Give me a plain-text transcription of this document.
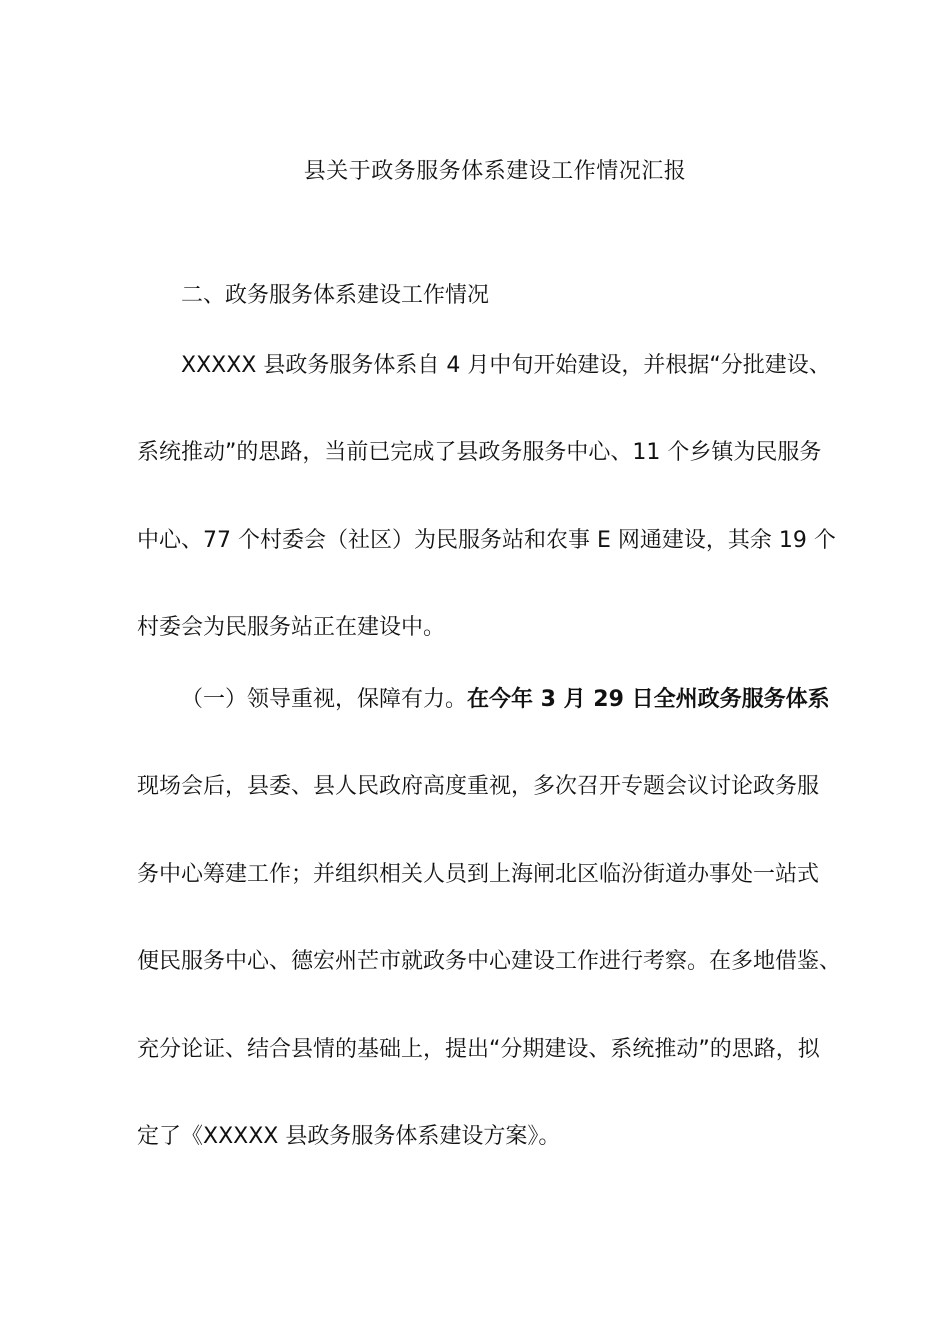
县关于政务服务体系建设工作情况汇报
二、政务服务体系建设工作情况
XXXXX 县政务服务体系自 4 月中旬开始建设，并根据“分批建设、
系统推动”的思路，当前已完成了县政务服务中心、11 个乡镇为民服务
中心、77 个村委会（社区）为民服务站和农事 E 网通建设，其余 19 个
村委会为民服务站正在建设中。
（一）领导重视，保障有力。在今年 3 月 29 日全州政务服务体系
现场会后，县委、县人民政府高度重视，多次召开专题会议讨论政务服
务中心筹建工作；并组织相关人员到上海闸北区临汾街道办事处一站式
便民服务中心、德宏州芒市就政务中心建设工作进行考察。在多地借鉴、
充分论证、结合县情的基础上，提出“分期建设、系统推动”的思路，拟
定了《XXXXX 县政务服务体系建设方案》。
